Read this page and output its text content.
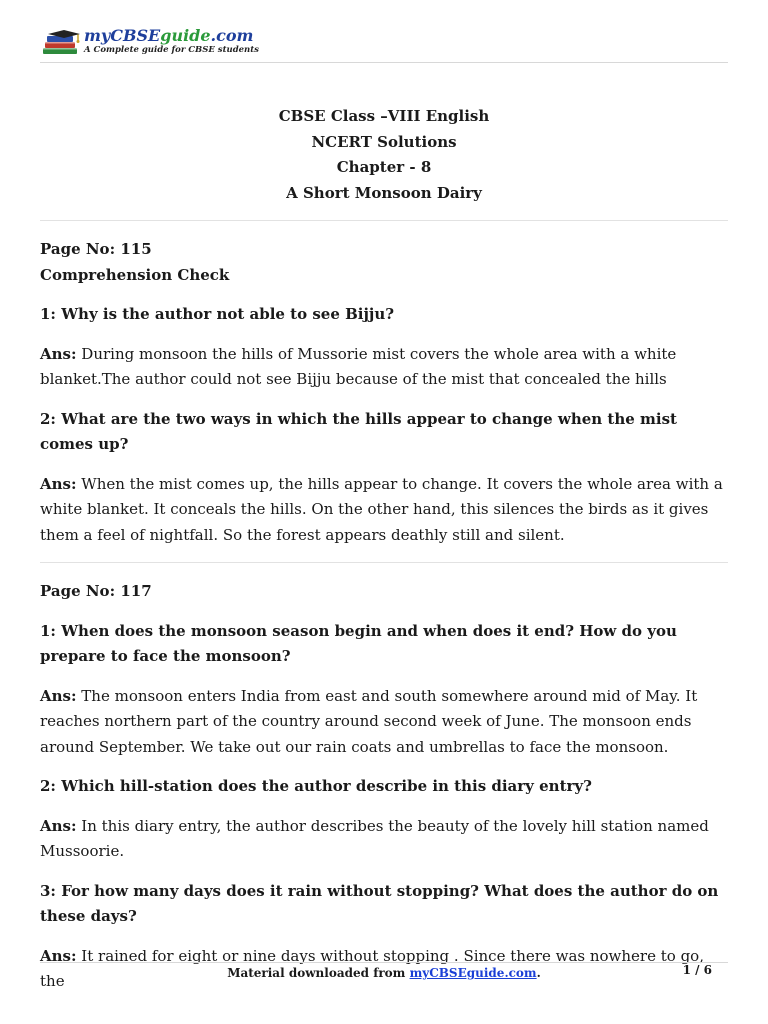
myCBSEguide.com

A Complete guide for CBSE students

CBSE Class –VIII English
NCERT Solutions
Chapter - 8
A Short Monsoon Dairy
Page No: 115

Comprehension Check

1: Why is the author not able to see Bijju?

Ans: During monsoon the hills of Mussorie mist covers the whole area with a white blanket.The author could not see Bijju because of the mist that concealed the hills

2: What are the two ways in which the hills appear to change when the mist comes up?

Ans: When the mist comes up, the hills appear to change. It covers the whole area with a white blanket. It conceals the hills. On the other hand, this silences the birds as it gives them a feel of nightfall. So the forest appears deathly still and silent.

Page No: 117

1: When does the monsoon season begin and when does it end? How do you prepare to face the monsoon?

Ans: The monsoon enters India from east and south somewhere around mid of May. It reaches northern part of the country around second week of June. The monsoon ends around September. We take out our rain coats and umbrellas to face the monsoon.

2: Which hill-station does the author describe in this diary entry?

Ans: In this diary entry, the author describes the beauty of the lovely hill station named Mussoorie.

3: For how many days does it rain without stopping? What does the author do on these days?

Ans: It rained for eight or nine days without stopping . Since there was nowhere to go, the	Material downloaded from myCBSEguide.com.	1 / 6
